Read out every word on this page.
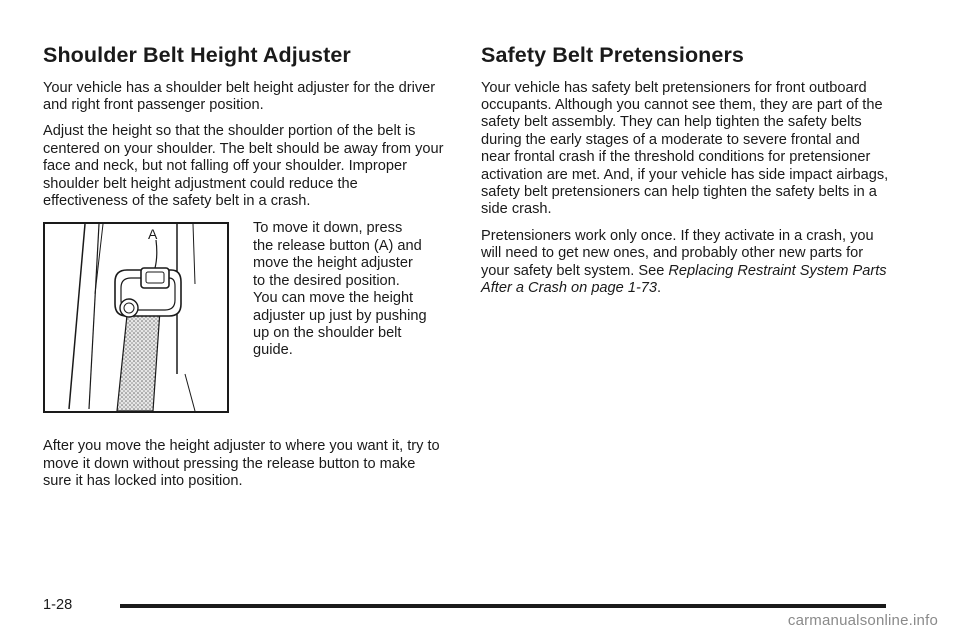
Shoulder Belt Height Adjuster

Your vehicle has a shoulder belt height adjuster for the driver and right front passenger position.

Adjust the height so that the shoulder portion of the belt is centered on your shoulder. The belt should be away from your face and neck, but not falling off your shoulder. Improper shoulder belt height adjustment could reduce the effectiveness of the safety belt in a crash.

A	To move it down, press
the release button (A) and
move the height adjuster
to the desired position.
You can move the height
adjuster up just by pushing
up on the shoulder belt
guide.

After you move the height adjuster to where you want it, try to move it down without pressing the release button to make sure it has locked into position.

Safety Belt Pretensioners

Your vehicle has safety belt pretensioners for front outboard occupants. Although you cannot see them, they are part of the safety belt assembly. They can help tighten the safety belts during the early stages of a moderate to severe frontal and near frontal crash if the threshold conditions for pretensioner activation are met. And, if your vehicle has side impact airbags, safety belt pretensioners can help tighten the safety belts in a side crash.

Pretensioners work only once. If they activate in a crash, you will need to get new ones, and probably other new parts for your safety belt system. See Replacing Restraint System Parts After a Crash on page 1-73.

1-28
carmanualsonline.info
